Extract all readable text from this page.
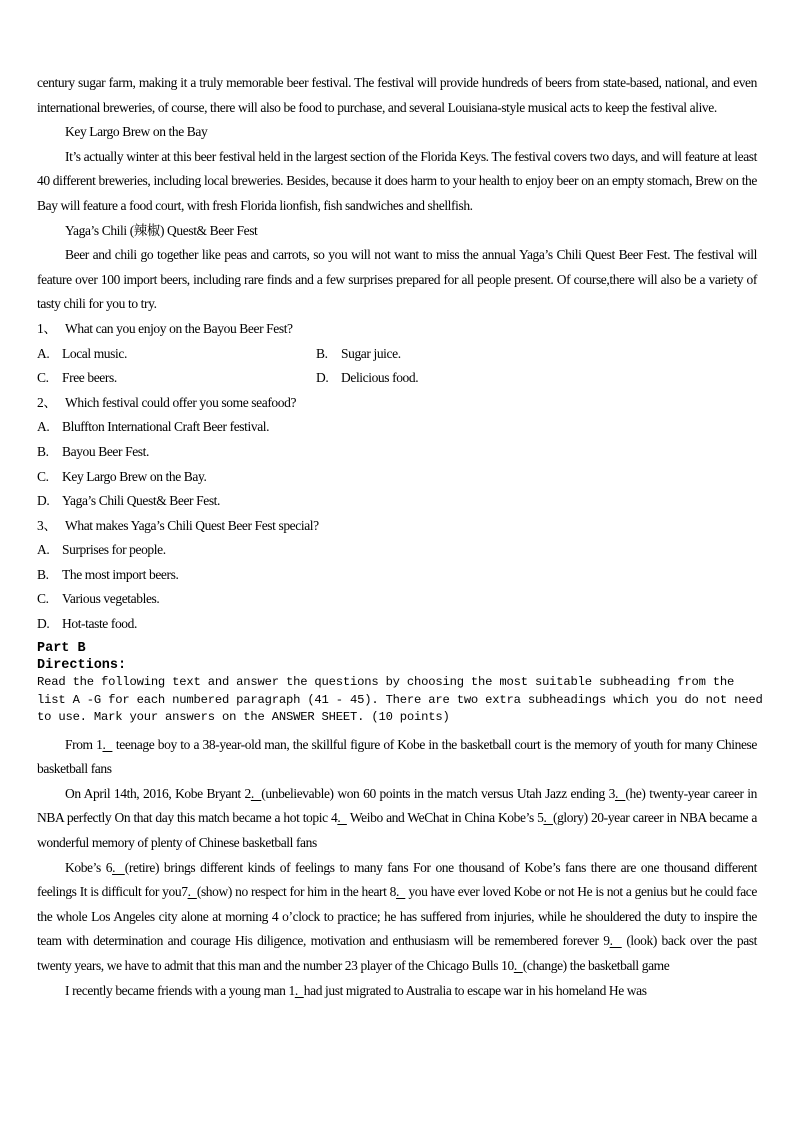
century sugar farm, making it a truly memorable beer festival. The festival will provide hundreds of beers from state-based, national, and even international breweries, of course, there will also be food to purchase, and several Louisiana-style musical acts to keep the festival alive.

Key Largo Brew on the Bay

It’s actually winter at this beer festival held in the largest section of the Florida Keys. The festival covers two days, and will feature at least 40 different breweries, including local breweries. Besides, because it does harm to your health to enjoy beer on an empty stomach, Brew on the Bay will feature a food court, with fresh Florida lionfish, fish sandwiches and shellfish.

Yaga’s Chili (辣椒) Quest& Beer Fest

Beer and chili go together like peas and carrots, so you will not want to miss the annual Yaga’s Chili Quest Beer Fest. The festival will feature over 100 import beers, including rare finds and a few surprises prepared for all people present. Of course,there will also be a variety of tasty chili for you to try.

1、 What can you enjoy on the Bayou Beer Fest?
A. Local music.	B. Sugar juice.
C. Free beers.	D. Delicious food.
2、 Which festival could offer you some seafood?
A. Bluffton International Craft Beer festival.
B. Bayou Beer Fest.
C. Key Largo Brew on the Bay.
D. Yaga’s Chili Quest& Beer Fest.
3、 What makes Yaga’s Chili Quest Beer Fest special?
A. Surprises for people.
B. The most import beers.
C. Various vegetables.
D. Hot-taste food.
Part B
Directions:
Read the following text and answer the questions by choosing the most suitable subheading from the
list A -G for each numbered paragraph (41 - 45). There are two extra subheadings which you do not need
to use. Mark your answers on the ANSWER SHEET. (10 points)

From 1.   teenage boy to a 38-year-old man, the skillful figure of Kobe in the basketball court is the memory of youth for many Chinese basketball fans

On April 14th, 2016, Kobe Bryant 2.  (unbelievable) won 60 points in the match versus Utah Jazz ending 3.  (he) twenty-year career in NBA perfectly On that day this match became a hot topic 4.   Weibo and WeChat in China Kobe’s 5.  (glory) 20-year career in NBA became a wonderful memory of plenty of Chinese basketball fans

Kobe’s 6.  (retire) brings different kinds of feelings to many fans For one thousand of Kobe’s fans there are one thousand different feelings It is difficult for you7.  (show) no respect for him in the heart 8.   you have ever loved Kobe or not He is not a genius but he could face the whole Los Angeles city alone at morning 4 o’clock to practice; he has suffered from injuries, while he shouldered the duty to inspire the team with determination and courage His diligence, motivation and enthusiasm will be remembered forever 9.   (look) back over the past twenty years, we have to admit that this man and the number 23 player of the Chicago Bulls 10.  (change) the basketball game

I recently became friends with a young man 1.  had just migrated to Australia to escape war in his homeland He was
